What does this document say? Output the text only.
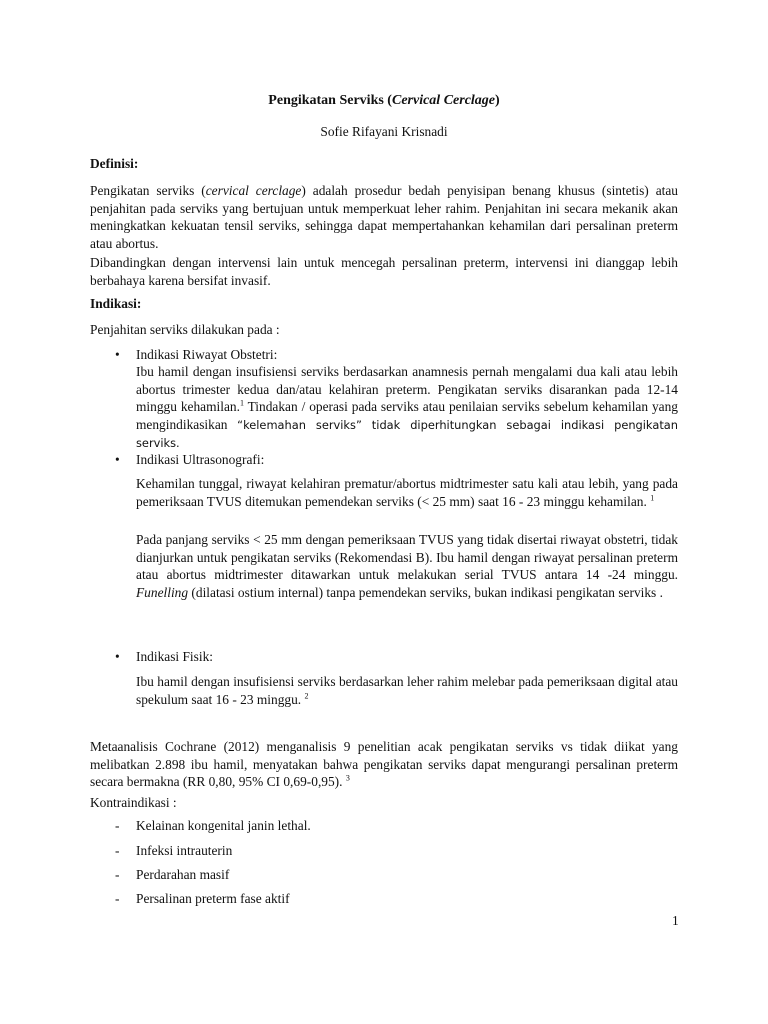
Pengikatan Serviks (Cervical Cerclage)

Sofie Rifayani Krisnadi

Definisi:

Pengikatan serviks (cervical cerclage) adalah prosedur bedah penyisipan benang khusus (sintetis) atau penjahitan pada serviks yang bertujuan untuk memperkuat leher rahim. Penjahitan ini secara mekanik akan meningkatkan kekuatan tensil serviks, sehingga dapat mempertahankan kehamilan dari persalinan preterm atau abortus.

Dibandingkan dengan intervensi lain untuk mencegah persalinan preterm, intervensi ini dianggap lebih berbahaya karena bersifat invasif.

Indikasi:

Penjahitan serviks dilakukan pada :

• Indikasi Riwayat Obstetri:

Ibu hamil dengan insufisiensi serviks berdasarkan anamnesis pernah mengalami dua kali atau lebih abortus trimester kedua dan/atau kelahiran preterm. Pengikatan serviks disarankan pada 12-14 minggu kehamilan.$^1$ Tindakan / operasi pada serviks atau penilaian serviks sebelum kehamilan yang mengindikasikan “kelemahan serviks” tidak diperhitungkan sebagai indikasi pengikatan serviks.

• Indikasi Ultrasonografi:

Kehamilan tunggal, riwayat kelahiran prematur/abortus midtrimester satu kali atau lebih, yang pada pemeriksaan TVUS ditemukan pemendekan serviks (< 25 mm) saat 16 - 23 minggu kehamilan. $^1$

Pada panjang serviks < 25 mm dengan pemeriksaan TVUS yang tidak disertai riwayat obstetri, tidak dianjurkan untuk pengikatan serviks (Rekomendasi B). Ibu hamil dengan riwayat persalinan preterm atau abortus midtrimester ditawarkan untuk melakukan serial TVUS antara 14 -24 minggu. Funelling (dilatasi ostium internal) tanpa pemendekan serviks, bukan indikasi pengikatan serviks .

• Indikasi Fisik:

Ibu hamil dengan insufisiensi serviks berdasarkan leher rahim melebar pada pemeriksaan digital atau spekulum saat 16 - 23 minggu. $^2$

Metaanalisis Cochrane (2012) menganalisis 9 penelitian acak pengikatan serviks vs tidak diikat yang melibatkan 2.898 ibu hamil, menyatakan bahwa pengikatan serviks dapat mengurangi persalinan preterm secara bermakna (RR 0,80, 95% CI 0,69-0,95). $^3$

Kontraindikasi :

- Kelainan kongenital janin lethal.

- Infeksi intrauterin

- Perdarahan masif

- Persalinan preterm fase aktif

1
